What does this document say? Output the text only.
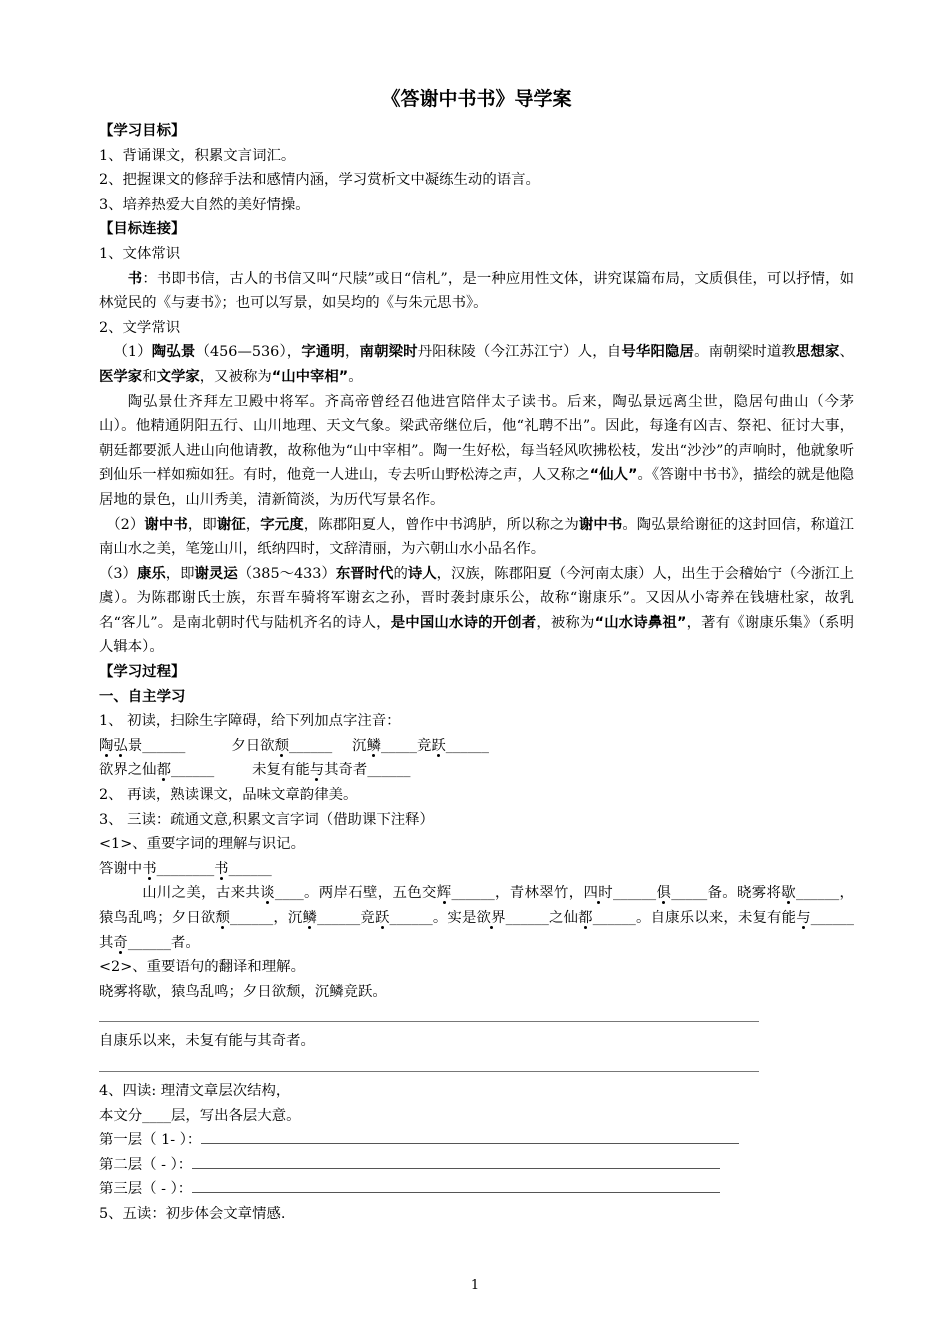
《答谢中书书》导学案
【学习目标】
1、背诵课文，积累文言词汇。
2、把握课文的修辞手法和感情内涵，学习赏析文中凝练生动的语言。
3、培养热爱大自然的美好情操。
【目标连接】
1、文体常识
书：书即书信，古人的书信又叫“尺牍”或日“信札”，是一种应用性文体，讲究谋篇布局，文质俱佳，可以抒情，如林觉民的《与妻书》；也可以写景，如吴均的《与朱元思书》。
2、文学常识
（1）陶弘景（456—536），字通明，南朝梁时丹阳秣陵（今江苏江宁）人，自号华阳隐居。南朝梁时道教思想家、医学家和文学家，又被称为“山中宰相”。
陶弘景仕齐拜左卫殿中将军。齐高帝曾经召他进宫陪伴太子读书。后来，陶弘景远离尘世，隐居句曲山（今茅山）。他精通阴阳五行、山川地理、天文气象。梁武帝继位后，他“礼聘不出”。因此，每逢有凶吉、祭祀、征讨大事，朝廷都要派人进山向他请教，故称他为“山中宰相”。陶一生好松，每当轻风吹拂松枝，发出“沙沙”的声响时，他就象听到仙乐一样如痴如狂。有时，他竟一人进山，专去听山野松涛之声，人又称之“仙人”。《答谢中书书》，描绘的就是他隐居地的景色，山川秀美，清新简淡，为历代写景名作。
（2）谢中书，即谢征，字元度，陈郡阳夏人，曾作中书鸿胪，所以称之为谢中书。陶弘景给谢征的这封回信，称道江南山水之美，笔笼山川，纸纳四时，文辞清丽，为六朝山水小品名作。
（3）康乐，即谢灵运（385～433）东晋时代的诗人，汉族，陈郡阳夏（今河南太康）人，出生于会稽始宁（今浙江上虞）。为陈郡谢氏士族，东晋车骑将军谢玄之孙，晋时袭封康乐公，故称“谢康乐”。又因从小寄养在钱塘杜家，故乳名“客儿”。是南北朝时代与陆机齐名的诗人，是中国山水诗的开创者，被称为“山水诗鼻祖”，著有《谢康乐集》（系明人辑本）。
【学习过程】
一、自主学习
1、 初读，扫除生字障碍，给下列加点字注音：
陶弘景______	夕日欲颓______ 沉鳞_____竞跃______
欲界之仙都______	未复有能与其奇者______
2、 再读，熟读课文，品味文章韵律美。
3、 三读：疏通文意,积累文言字词（借助课下注释）
<1>、重要字词的理解与识记。
答谢中书________书______
山川之美，古来共谈____。两岸石壁，五色交辉______，青林翠竹，四时______俱_____备。晓雾将歇______，猿鸟乱鸣；夕日欲颓______，沉鳞______竞跃______。实是欲界______之仙都______。自康乐以来，未复有能与______其奇______者。
<2>、重要语句的翻译和理解。
晓雾将歇，猿鸟乱鸣；夕日欲颓，沉鳞竞跃。
自康乐以来，未复有能与其奇者。
4、四读: 理清文章层次结构，
本文分____层，写出各层大意。
第一层（ 1- ）：
第二层（ - ）：
第三层（ - ）：
5、五读：初步体会文章情感.
1
